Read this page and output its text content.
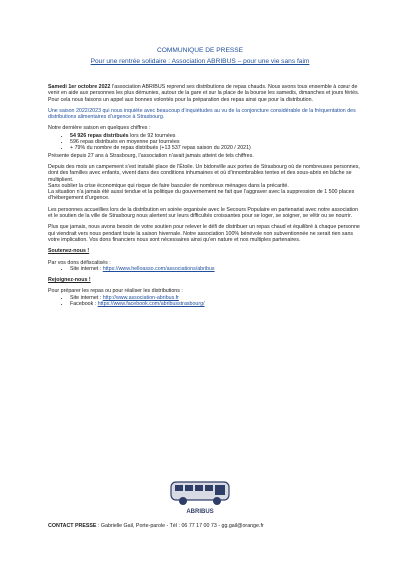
COMMUNIQUE DE PRESSE
Pour une rentrée solidaire : Association ABRIBUS – pour une vie sans faim

Samedi 1er octobre 2022 l’association ABRIBUS reprend ses distributions de repas chauds. Nous avons tous ensemble à cœur de venir en aide aux personnes les plus démunies, autour de la gare et sur la place de la bourse les samedis, dimanches et jours fériés.
Pour cela nous faisons un appel aux bonnes volontés pour la préparation des repas ainsi que pour la distribution.

Une saison 2022/2023 qui nous inquiète avec beaucoup d’inquiétudes au vu de la conjoncture considérable de la fréquentation des distributions alimentaires d’urgence à Strasbourg.

Notre dernière saison en quelques chiffres :

• 54 926 repas distribués lors de 92 tournées
• 596 repas distribués en moyenne par tournées
• + 79% du nombre de repas distribués (+13 537 repas saison du 2020 / 2021)

Présente depuis 27 ans à Strasbourg, l’association n’avait jamais atteint de tels chiffres.

Depuis des mois un campement s’est installé place de l’Étoile. Un bidonville aux portes de Strasbourg où de nombreuses personnes, dont des familles avec enfants, vivent dans des conditions inhumaines et où d’innombrables tentes et des sous-abris en bâche se multiplient.
Sans oublier la crise économique qui risque de faire basculer de nombreux ménages dans la précarité.
La situation n’a jamais été aussi tendue et la politique du gouvernement ne fait que l’aggraver avec la suppression de 1 500 places d’hébergement d’urgence.

Les personnes accueillies lors de la distribution en soirée organisée avec le Secours Populaire en partenariat avec notre association et le soutien de la ville de Strasbourg nous alertent sur leurs difficultés croissantes pour se loger, se soigner, se vêtir ou se nourrir.

Plus que jamais, nous avons besoin de votre soutien pour relever le défi de distribuer un repas chaud et équilibré à chaque personne qui viendrait vers nous pendant toute la saison hivernale. Notre association 100% bénévole non subventionnée ne serait rien sans votre implication. Vos dons financiers nous sont nécessaires ainsi qu’en nature et nos multiples partenaires.

Soutenez-nous !

Par vos dons défiscalisés :

• Site internet : https://www.helloasso.com/associations/abribus

Rejoignez-nous !

Pour préparer les repas ou pour réaliser les distributions :

• Site internet : http://www.association-abribus.fr
• Facebook : https://www.facebook.com/abribusstrasbourg/
ABRIBUS
CONTACT PRESSE : Gabrielle Gail, Porte-parole - Tél : 06 77 17 00 73 - gg.gail@orange.fr
